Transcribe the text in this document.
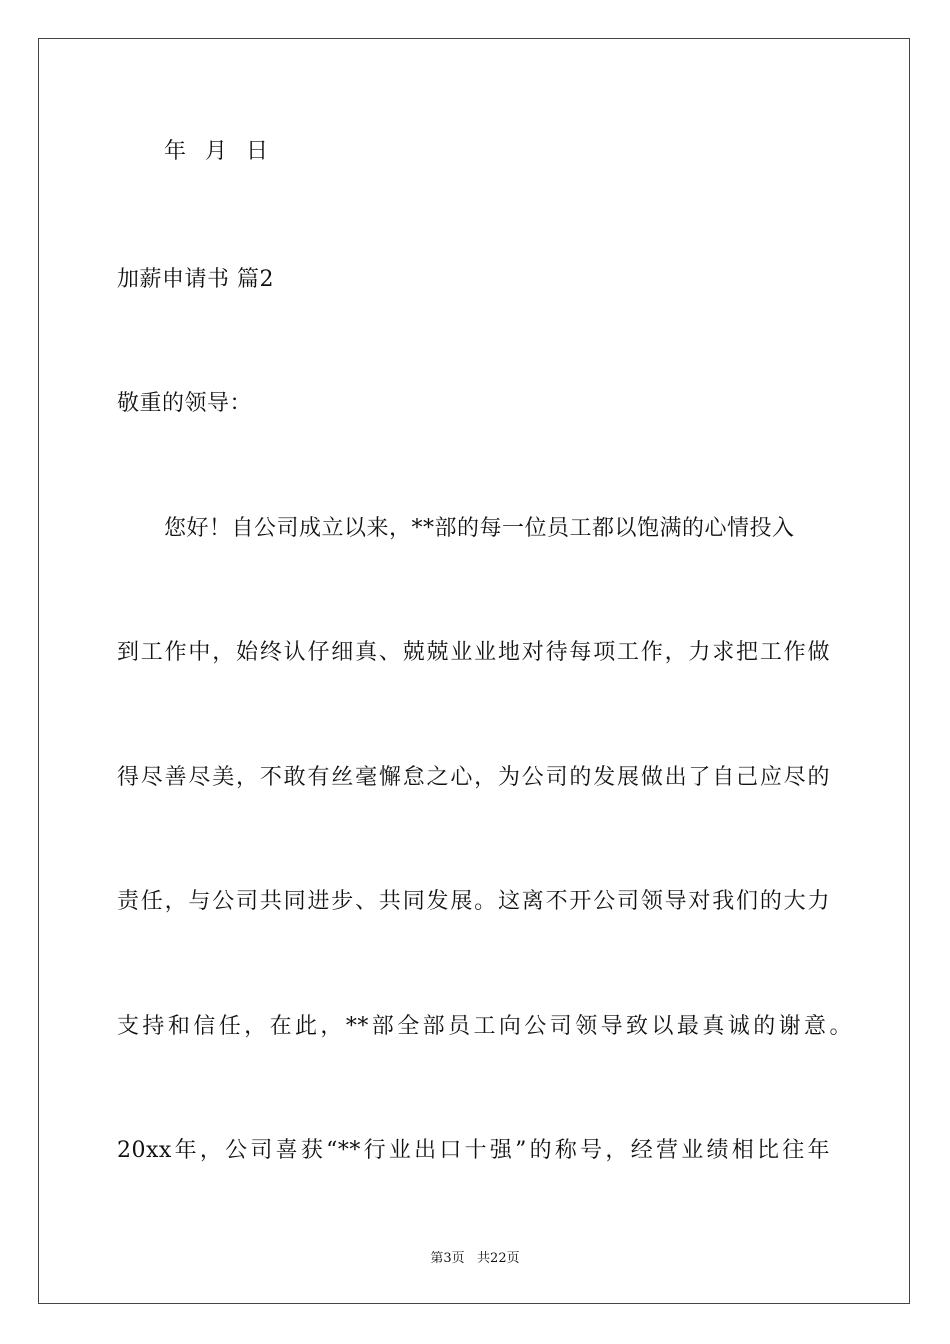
年 月 日

加薪申请书 篇2

敬重的领导：

您好！自公司成立以来，**部的每一位员工都以饱满的心情投入

到工作中，始终认仔细真、兢兢业业地对待每项工作，力求把工作做

得尽善尽美，不敢有丝毫懈怠之心，为公司的发展做出了自己应尽的

责任，与公司共同进步、共同发展。这离不开公司领导对我们的大力

支持和信任，在此，**部全部员工向公司领导致以最真诚的谢意。

20xx年，公司喜获“**行业出口十强”的称号，经营业绩相比往年

第3页   共22页
